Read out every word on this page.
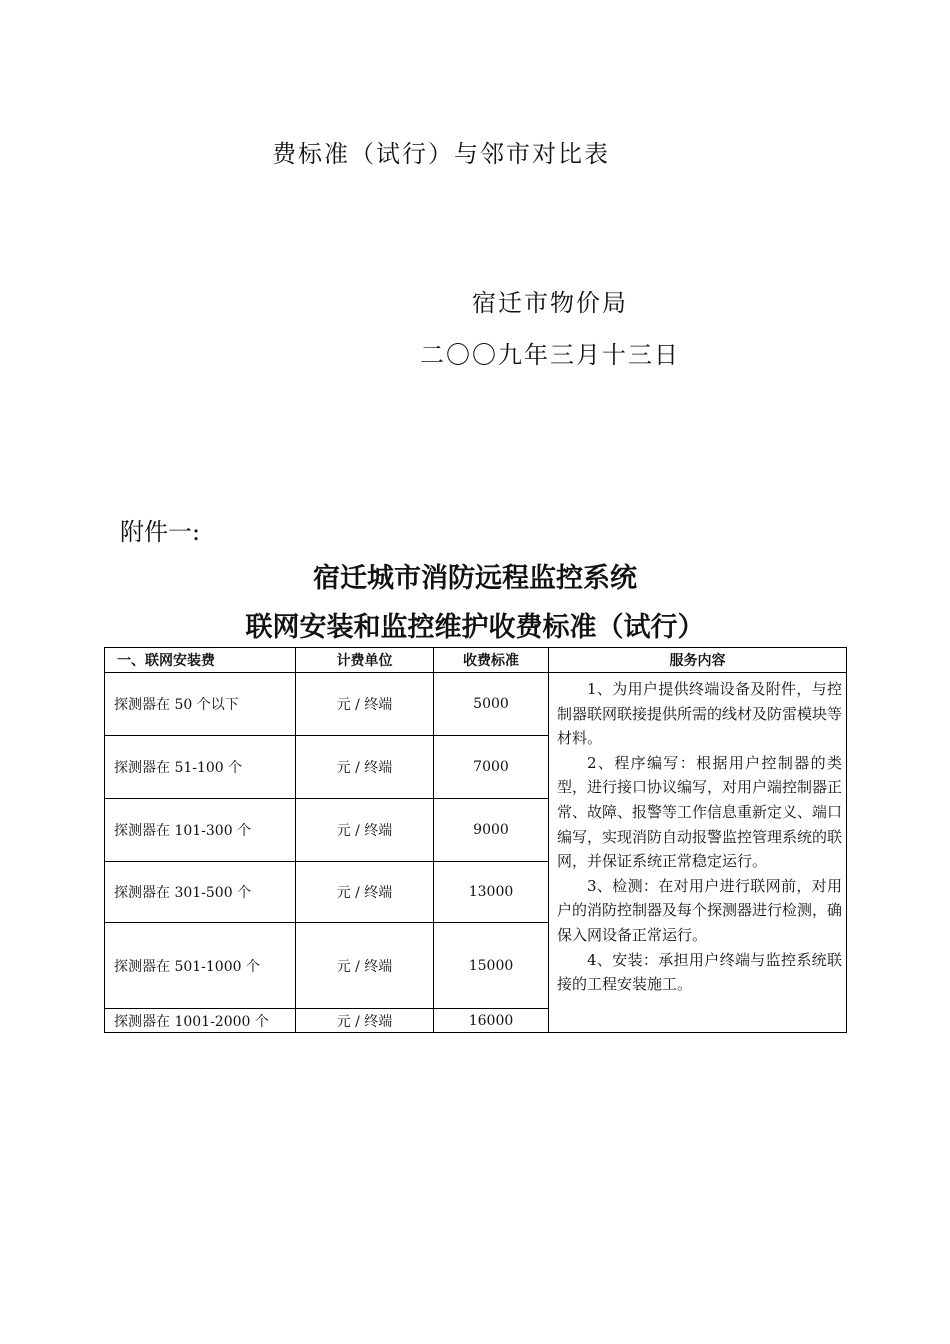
费标准（试行）与邻市对比表
宿迁市物价局
二〇〇九年三月十三日
附件一:
宿迁城市消防远程监控系统
联网安装和监控维护收费标准（试行）
一、联网安装费	计费单位	收费标准	服务内容
探测器在 50 个以下	元 / 终端	5000	1、为用户提供终端设备及附件，与控制器联网联接提供所需的线材及防雷模块等材料。

2、程序编写：根据用户控制器的类型，进行接口协议编写，对用户端控制器正常、故障、报警等工作信息重新定义、端口编写，实现消防自动报警监控管理系统的联网，并保证系统正常稳定运行。

3、检测：在对用户进行联网前，对用户的消防控制器及每个探测器进行检测，确保入网设备正常运行。

4、安装：承担用户终端与监控系统联接的工程安装施工。

探测器在 51-100 个	元 / 终端	7000	
探测器在 101-300 个	元 / 终端	9000	
探测器在 301-500 个	元 / 终端	13000	
探测器在 501-1000 个	元 / 终端	15000	
探测器在 1001-2000 个	元 / 终端	16000	
